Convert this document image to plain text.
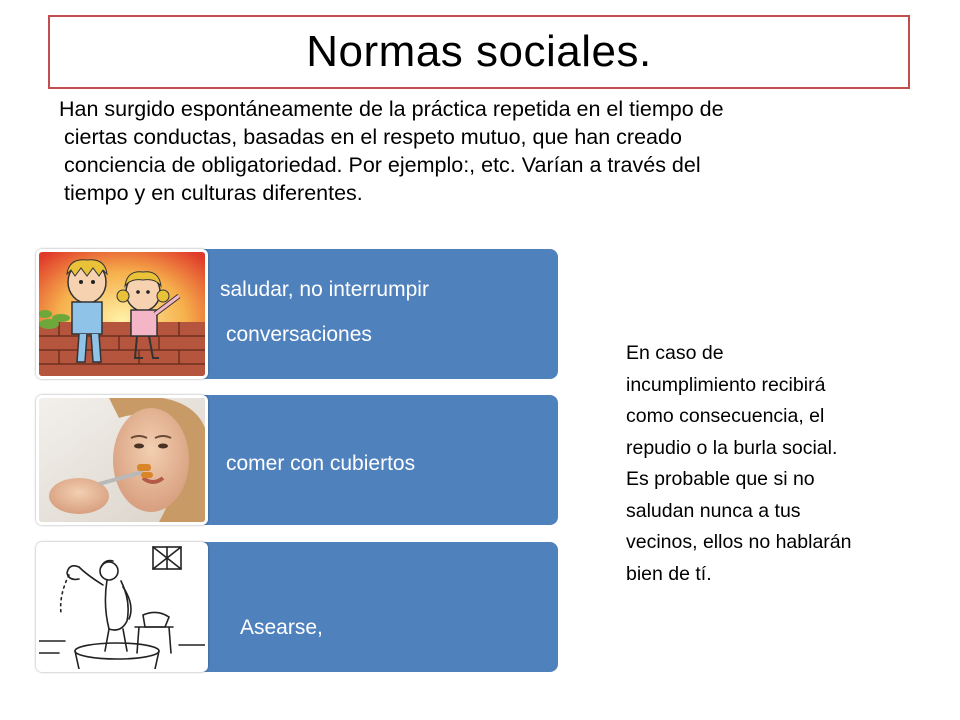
Normas sociales.

Han surgido espontáneamente de la práctica repetida en el tiempo de
ciertas conductas, basadas en el respeto mutuo, que han creado
conciencia de obligatoriedad. Por ejemplo:, etc. Varían a través del
tiempo y en culturas diferentes.

saludar, no interrumpir
conversaciones
comer con cubiertos
Asearse,

En caso de
incumplimiento recibirá
como consecuencia, el
repudio o la burla social.
Es probable que si no
saludan nunca a tus
vecinos, ellos no hablarán
bien de tí.
